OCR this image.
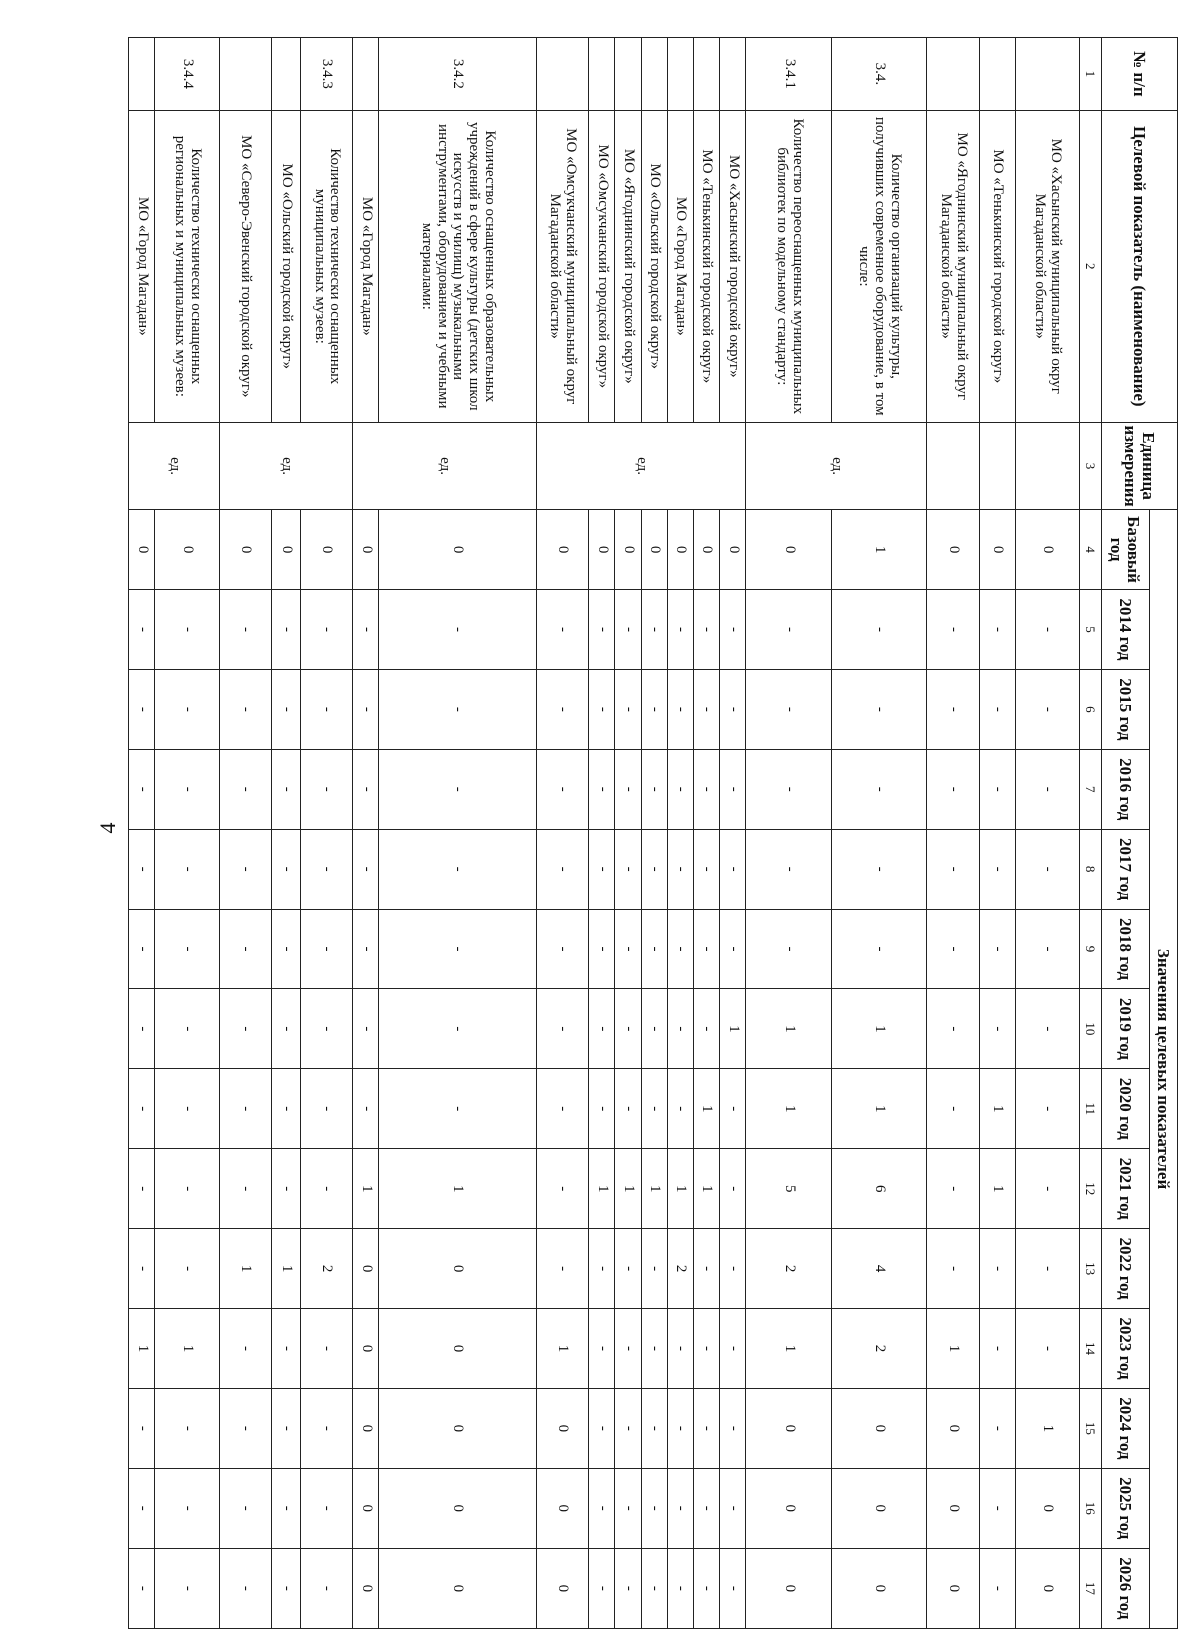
4
№ п/п	Целевой показатель (наименование)	Единица измерения	Значения целевых показателей													
			Базовый год	2014 год	2015 год	2016 год	2017 год	2018 год	2019 год	2020 год	2021 год	2022 год	2023 год	2024 год	2025 год	2026 год
1	2	3	4	5	6	7	8	9	10	11	12	13	14	15	16	17
	МО «Хасынский муниципальный округ Магаданской области»		0	-	-	-	-	-	-	-	-	-	-	1	0	0
	МО «Тенькинский городской округ»		0	-	-	-	-	-	-	1	1	-	-	-	-	-
	МО «Ягоднинский муниципальный округ Магаданской области»		0	-	-	-	-	-	-	-	-	-	1	0	0	0
3.4.	Количество организаций культуры, получивших современное оборудование, в том числе:	ед.	1	-	-	-	-	-	1	1	6	4	2	0	0	0
3.4.1	Количество переоснащенных муниципальных библиотек по модельному стандарту:		0	-	-	-	-	-	1	1	5	2	1	0	0	0
	МО «Хасынский городской округ»	ед.	0	-	-	-	-	-	1	-	-	-	-	-	-	-
	МО «Тенькинский городской округ»		0	-	-	-	-	-	-	1	1	-	-	-	-	-
	МО «Город Магадан»		0	-	-	-	-	-	-	-	1	2	-	-	-	-
	МО «Ольский городской округ»		0	-	-	-	-	-	-	-	1	-	-	-	-	-
	МО «Ягоднинский городской округ»		0	-	-	-	-	-	-	-	1	-	-	-	-	-
	МО «Омсукчанский городской округ»		0	-	-	-	-	-	-	-	1	-	-	-	-	-
	МО «Омсукчанский муниципальный округ Магаданской области»		0	-	-	-	-	-	-	-	-	-	1	0	0	0
3.4.2	Количество оснащенных образовательных учреждений в сфере культуры (детских школ искусств и училищ) музыкальными инструментами, оборудованием и учебными материалами:	ед.	0	-	-	-	-	-	-	-	1	0	0	0	0	0
	МО «Город Магадан»		0	-	-	-	-	-	-	-	1	0	0	0	0	0
3.4.3	Количество технически оснащенных муниципальных музеев:	ед.	0	-	-	-	-	-	-	-	-	2	-	-	-	-
	МО «Ольский городской округ»		0	-	-	-	-	-	-	-	-	1	-	-	-	-
	МО «Северо-Эвенский городской округ»		0	-	-	-	-	-	-	-	-	1	-	-	-	-
3.4.4	Количество технически оснащенных региональных и муниципальных музеев:	ед.	0	-	-	-	-	-	-	-	-	-	1	-	-	-
	МО «Город Магадан»		0	-	-	-	-	-	-	-	-	-	1	-	-	-
